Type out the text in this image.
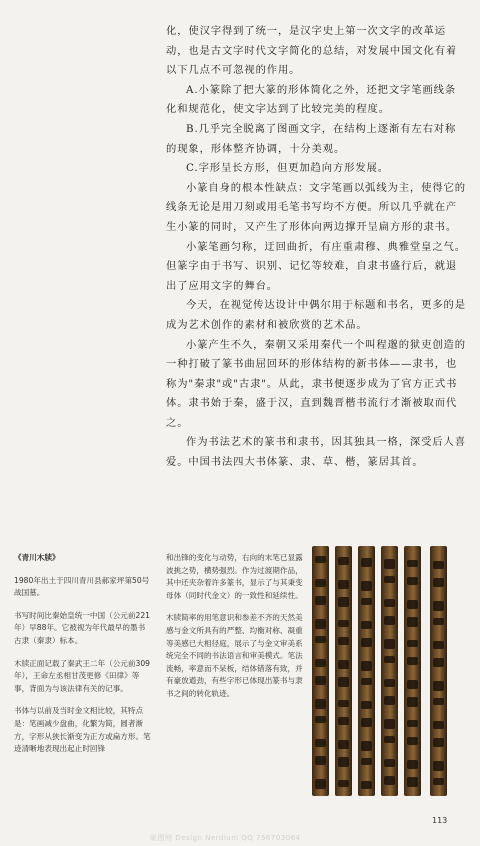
化，使汉字得到了统一，是汉字史上第一次文字的改革运动，也是古文字时代文字简化的总结，对发展中国文化有着以下几点不可忽视的作用。

A.小篆除了把大篆的形体简化之外，还把文字笔画线条化和规范化，使文字达到了比较完美的程度。

B.几乎完全脱离了图画文字，在结构上逐渐有左右对称的现象，形体整齐协调，十分美观。

C.字形呈长方形，但更加趋向方形发展。

小篆自身的根本性缺点：文字笔画以弧线为主，使得它的线条无论是用刀刻或用毛笔书写均不方便。所以几乎就在产生小篆的同时，又产生了形体向两边撑开呈扁方形的隶书。

小篆笔画匀称，迂回曲折，有庄重肃穆、典雅堂皇之气。但篆字由于书写、识别、记忆等较难，自隶书盛行后，就退出了应用文字的舞台。

今天，在视觉传达设计中偶尔用于标题和书名，更多的是成为艺术创作的素材和被欣赏的艺术品。

小篆产生不久，秦朝又采用秦代一个叫程邈的狱吏创造的一种打破了篆书曲屈回环的形体结构的新书体——隶书，也称为"秦隶"或"古隶"。从此，隶书便逐步成为了官方正式书体。隶书始于秦，盛于汉，直到魏晋楷书流行才渐被取而代之。

作为书法艺术的篆书和隶书，因其独具一格，深受后人喜爱。中国书法四大书体篆、隶、草、楷，篆居其首。

《青川木牍》

1980年出土于四川青川县郝家坪第50号战国墓。

书写时间比秦始皇统一中国（公元前221年）早88年。它被视为年代最早的墨书古隶（秦隶）标本。

木牍正面记载了秦武王二年（公元前309年），王命左丞相甘茂更修《田律》等事，背面为与该法律有关的记事。

书体与以前及当时金文相比较，其特点是：笔画减少盘曲，化繁为简，圆者渐方，字形从狭长渐变为正方或扁方形。笔迹清晰地表现出起止时回锋

和出锋的变化与动势，右向的末笔已显露波挑之势，横势强烈。作为过渡期作品，其中还夹杂着许多篆书，显示了与其秉变母体（同时代金文）的一致性和延续性。

木牍简率的用笔意识和参差不齐的天然美感与金文所具有的严整、均衡对称、凝重等美感已大相径庭，展示了与金文审美系统完全不同的书法语言和审美模式。笔法流畅，率意而不呆板，结体错落有致，并有豪放遒劲，有些字形已体现出篆书与隶书之间的转化轨迹。

113
昵图网 Design Nerdium QQ 756703064
